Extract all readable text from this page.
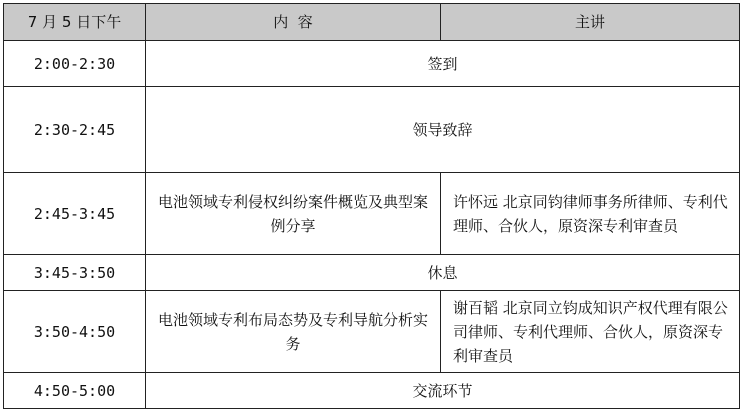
7 月 5 日下午	内  容	主讲
2:00-2:30	签到	
2:30-2:45	领导致辞	
2:45-3:45	电池领域专利侵权纠纷案件概览及典型案例分享	许怀远 北京同钧律师事务所律师、专利代理师、合伙人，原资深专利审查员
3:45-3:50	休息	
3:50-4:50	电池领域专利布局态势及专利导航分析实务	谢百韬 北京同立钧成知识产权代理有限公司律师、专利代理师、合伙人，原资深专利审查员
4:50-5:00	交流环节	
